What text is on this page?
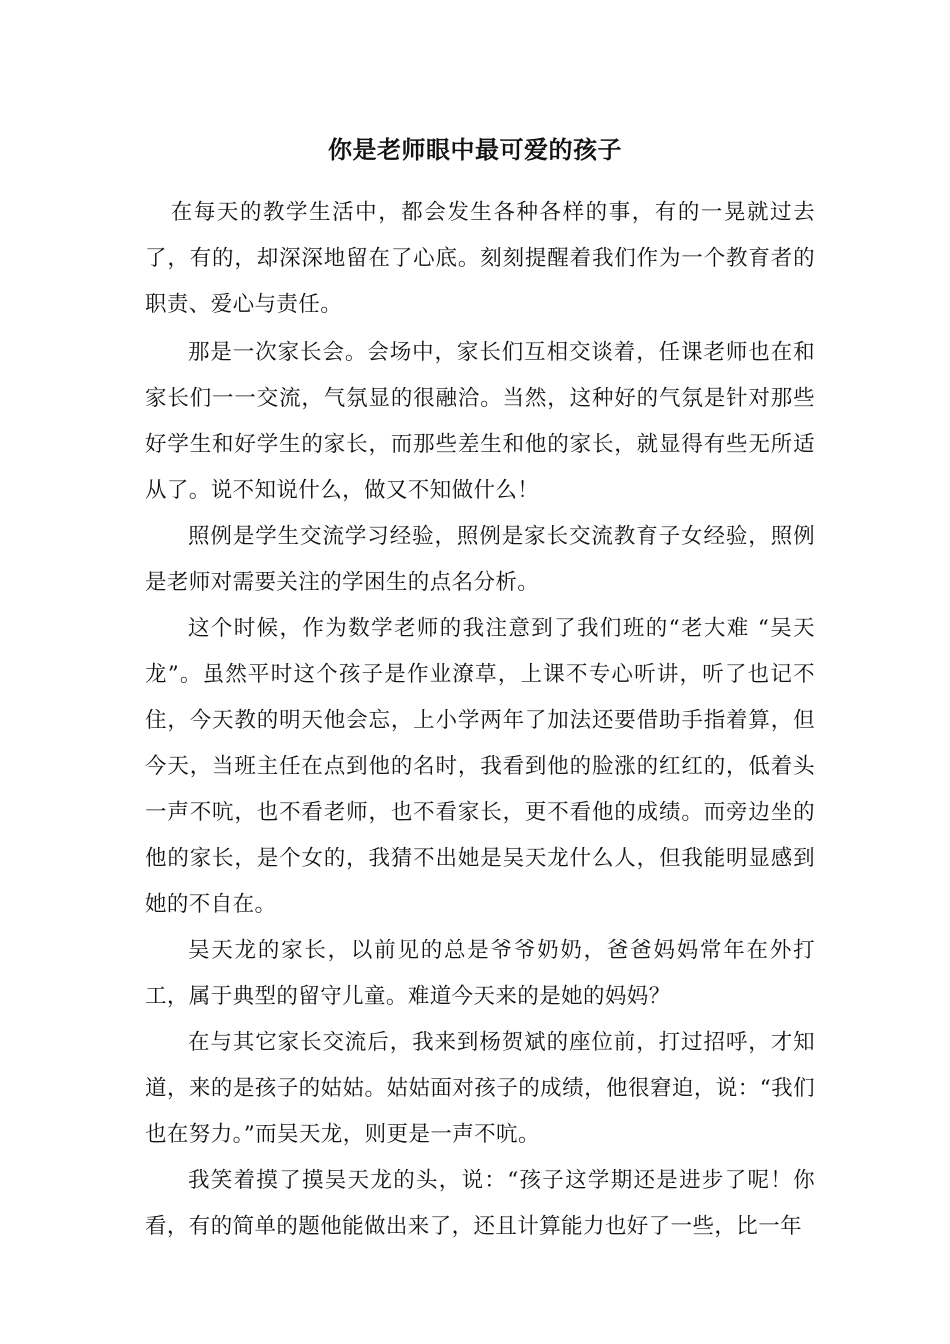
你是老师眼中最可爱的孩子

在每天的教学生活中，都会发生各种各样的事，有的一晃就过去了，有的，却深深地留在了心底。刻刻提醒着我们作为一个教育者的职责、爱心与责任。

那是一次家长会。会场中，家长们互相交谈着，任课老师也在和家长们一一交流，气氛显的很融洽。当然，这种好的气氛是针对那些好学生和好学生的家长，而那些差生和他的家长，就显得有些无所适从了。说不知说什么，做又不知做什么！

照例是学生交流学习经验，照例是家长交流教育子女经验，照例是老师对需要关注的学困生的点名分析。

这个时候，作为数学老师的我注意到了我们班的“老大难 “吴天龙”。虽然平时这个孩子是作业潦草，上课不专心听讲，听了也记不住，今天教的明天他会忘，上小学两年了加法还要借助手指着算，但今天，当班主任在点到他的名时，我看到他的脸涨的红红的，低着头一声不吭，也不看老师，也不看家长，更不看他的成绩。而旁边坐的他的家长，是个女的，我猜不出她是吴天龙什么人，但我能明显感到她的不自在。

吴天龙的家长，以前见的总是爷爷奶奶，爸爸妈妈常年在外打工，属于典型的留守儿童。难道今天来的是她的妈妈？

在与其它家长交流后，我来到杨贺斌的座位前，打过招呼，才知道，来的是孩子的姑姑。姑姑面对孩子的成绩，他很窘迫，说：“我们也在努力。”而吴天龙，则更是一声不吭。

我笑着摸了摸吴天龙的头，说：“孩子这学期还是进步了呢！你看，有的简单的题他能做出来了，还且计算能力也好了一些，比一年
